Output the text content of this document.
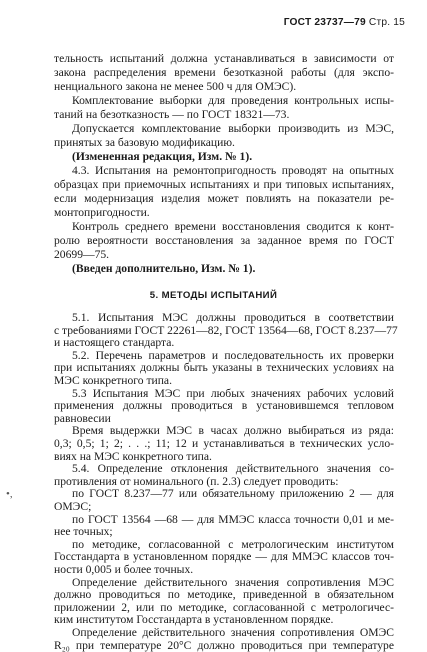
ГОСТ 23737—79 Стр. 15
тельность испытаний должна устанавливаться в зависимости от
закона распределения времени безотказной работы (для экспо-
ненциального закона не менее 500 ч для ОМЭС).
Комплектование выборки для проведения контрольных испы-
таний на безотказность — по ГОСТ 18321—73.
Допускается комплектование выборки производить из МЭС,
принятых за базовую модификацию.
(Измененная редакция, Изм. № 1).
4.3. Испытания на ремонтопригодность проводят на опытных
образцах при приемочных испытаниях и при типовых испытаниях,
если модернизация изделия может повлиять на показатели ре-
монтопригодности.
Контроль среднего времени восстановления сводится к конт-
ролю вероятности восстановления за заданное время по ГОСТ
20699—75.
(Введен дополнительно, Изм. № 1).
5. МЕТОДЫ ИСПЫТАНИЙ
5.1. Испытания МЭС должны проводиться в соответствии
с требованиями ГОСТ 22261—82, ГОСТ 13564—68, ГОСТ 8.237—77
и настоящего стандарта.
5.2. Перечень параметров и последовательность их проверки
при испытаниях должны быть указаны в технических условиях на
МЭС конкретного типа.
5.3 Испытания МЭС при любых значениях рабочих условий
применения должны проводиться в установившемся тепловом
равновесии
Время выдержки МЭС в часах должно выбираться из ряда:
0,3; 0,5; 1; 2; . . .; 11; 12 и устанавливаться в технических усло-
виях на МЭС конкретного типа.
5.4. Определение отклонения действительного значения со-
противления от номинального (п. 2.3) следует проводить:
по ГОСТ 8.237—77 или обязательному приложению 2 — для
ОМЭС;
по ГОСТ 13564 —68 — для ММЭС класса точности 0,01 и ме-
нее точных;
по методике, согласованной с метрологическим институтом
Госстандарта в установленном порядке — для ММЭС классов точ-
ности 0,005 и более точных.
•,
Определение действительного значения сопротивления МЭС
должно проводиться по методике, приведенной в обязательном
приложении 2, или по методике, согласованной с метрологичес-
ким институтом Госстандарта в установленном порядке.
Определение действительного значения сопротивления ОМЭС
R₂₀ при температуре 20°С должно проводиться при температуре
